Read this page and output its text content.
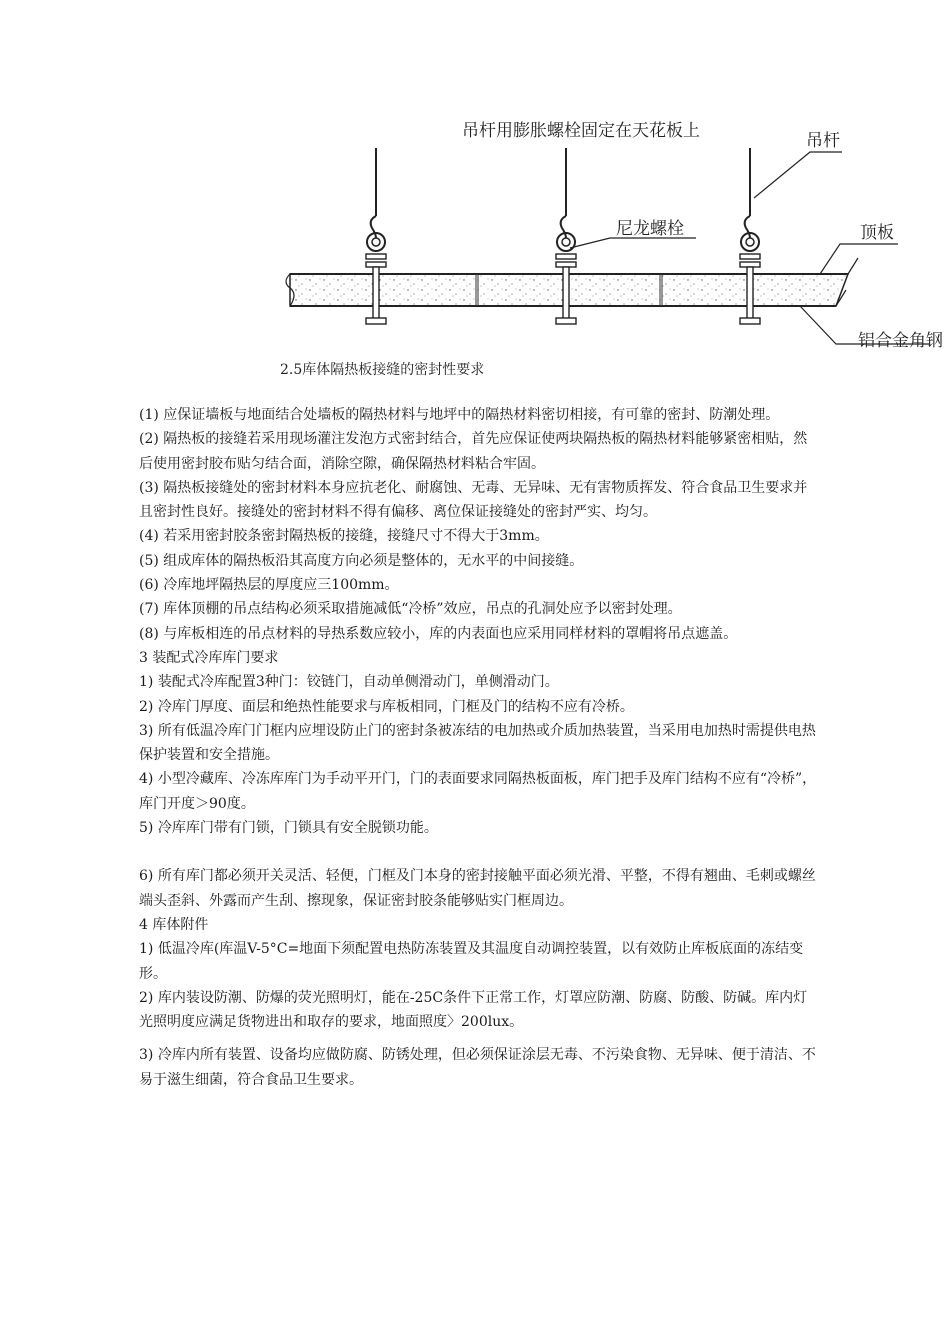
吊杆用膨胀螺栓固定在天花板上	吊杆
尼龙螺栓	顶板
铝合金角钢
2.5库体隔热板接缝的密封性要求

(1) 应保证墙板与地面结合处墙板的隔热材料与地坪中的隔热材料密切相接，有可靠的密封、防潮处理。

(2) 隔热板的接缝若采用现场灌注发泡方式密封结合，首先应保证使两块隔热板的隔热材料能够紧密相贴，然后使用密封胶布贴匀结合面，消除空隙，确保隔热材料粘合牢固。

(3) 隔热板接缝处的密封材料本身应抗老化、耐腐蚀、无毒、无异味、无有害物质挥发、符合食品卫生要求并且密封性良好。接缝处的密封材料不得有偏移、离位保证接缝处的密封严实、均匀。

(4) 若采用密封胶条密封隔热板的接缝，接缝尺寸不得大于3mm。

(5) 组成库体的隔热板沿其高度方向必须是整体的，无水平的中间接缝。

(6) 冷库地坪隔热层的厚度应三100mm。

(7) 库体顶棚的吊点结构必须采取措施减低“冷桥”效应，吊点的孔洞处应予以密封处理。

(8) 与库板相连的吊点材料的导热系数应较小，库的内表面也应采用同样材料的罩帽将吊点遮盖。

3 装配式冷库库门要求

1) 装配式冷库配置3种门：铰链门，自动单侧滑动门，单侧滑动门。

2) 冷库门厚度、面层和绝热性能要求与库板相同，门框及门的结构不应有冷桥。

3) 所有低温冷库门门框内应埋设防止门的密封条被冻结的电加热或介质加热装置，当采用电加热时需提供电热保护装置和安全措施。

4) 小型冷藏库、冷冻库库门为手动平开门，门的表面要求同隔热板面板，库门把手及库门结构不应有“冷桥”，库门开度＞90度。

5) 冷库库门带有门锁，门锁具有安全脱锁功能。

6) 所有库门都必须开关灵活、轻便，门框及门本身的密封接触平面必须光滑、平整，不得有翘曲、毛刺或螺丝端头歪斜、外露而产生刮、擦现象，保证密封胶条能够贴实门框周边。

4 库体附件

1) 低温冷库(库温V-5°C=地面下须配置电热防冻装置及其温度自动调控装置，以有效防止库板底面的冻结变形。

2) 库内装设防潮、防爆的荧光照明灯，能在-25C条件下正常工作，灯罩应防潮、防腐、防酸、防碱。库内灯光照明度应满足货物进出和取存的要求，地面照度〉200lux。

3) 冷库内所有装置、设备均应做防腐、防锈处理，但必须保证涂层无毒、不污染食物、无异味、便于清洁、不易于滋生细菌，符合食品卫生要求。
